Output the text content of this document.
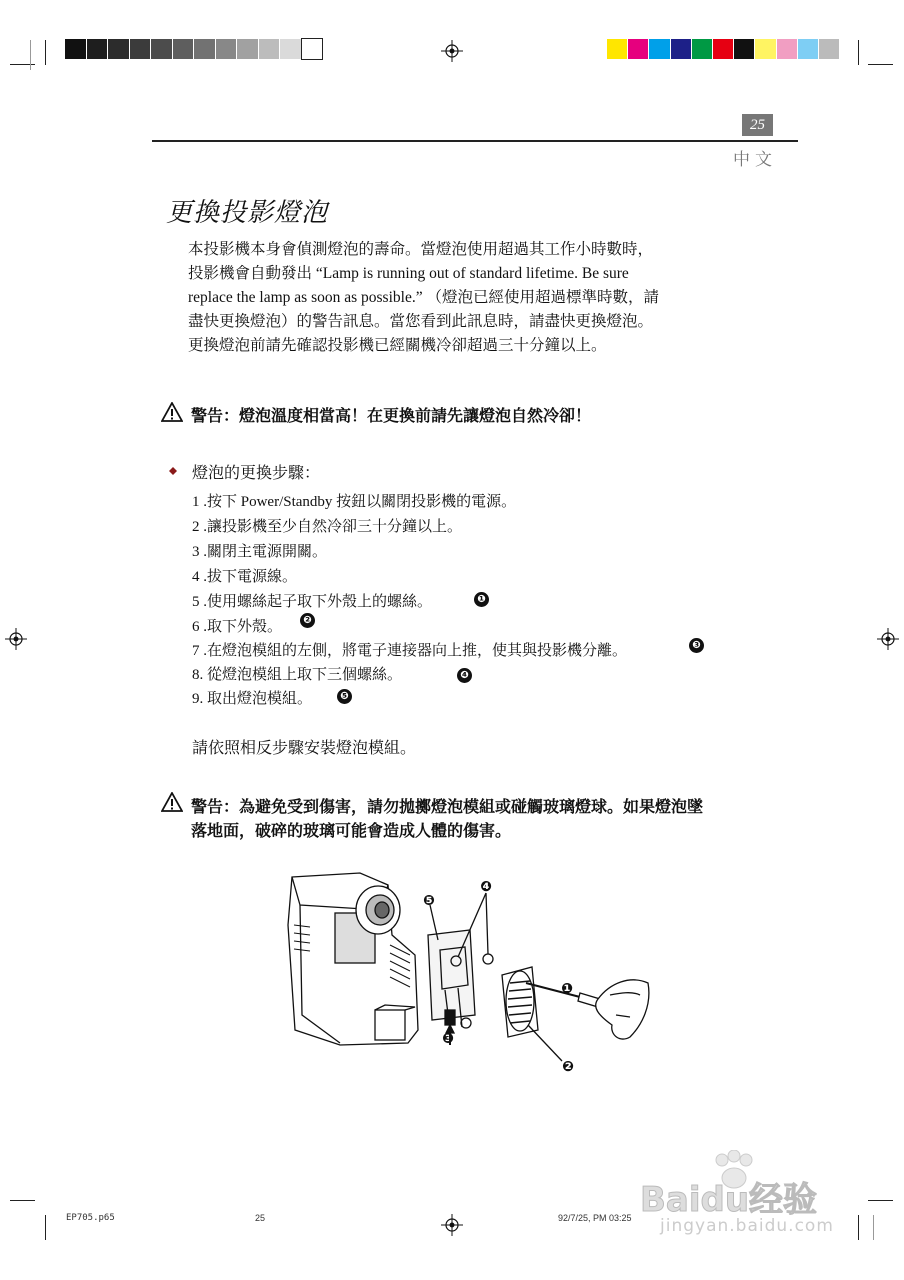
25
中文
更換投影燈泡
本投影機本身會偵測燈泡的壽命。當燈泡使用超過其工作小時數時，
投影機會自動發出 “Lamp is running out of standard lifetime. Be sure
replace the lamp as soon as possible.” （燈泡已經使用超過標準時數，請
盡快更換燈泡）的警告訊息。當您看到此訊息時，請盡快更換燈泡。
更換燈泡前請先確認投影機已經關機冷卻超過三十分鐘以上。
警告：燈泡溫度相當高！在更換前請先讓燈泡自然冷卻！
燈泡的更換步驟：
1 .按下 Power/Standby 按鈕以關閉投影機的電源。
2 .讓投影機至少自然冷卻三十分鐘以上。
3 .關閉主電源開關。
4 .拔下電源線。
5 .使用螺絲起子取下外殼上的螺絲。
6 .取下外殼。
7 .在燈泡模組的左側，將電子連接器向上推，使其與投影機分離。
8. 從燈泡模組上取下三個螺絲。
9. 取出燈泡模組。
❶
❷
❸
❹
❺
請依照相反步驟安裝燈泡模組。
警告：為避免受到傷害，請勿拋擲燈泡模組或碰觸玻璃燈球。如果燈泡墜
落地面，破碎的玻璃可能會造成人體的傷害。
❶
❷
❸
❹
❺
Baidu经验
jingyan.baidu.com
EP705.p65	25	92/7/25, PM 03:25
